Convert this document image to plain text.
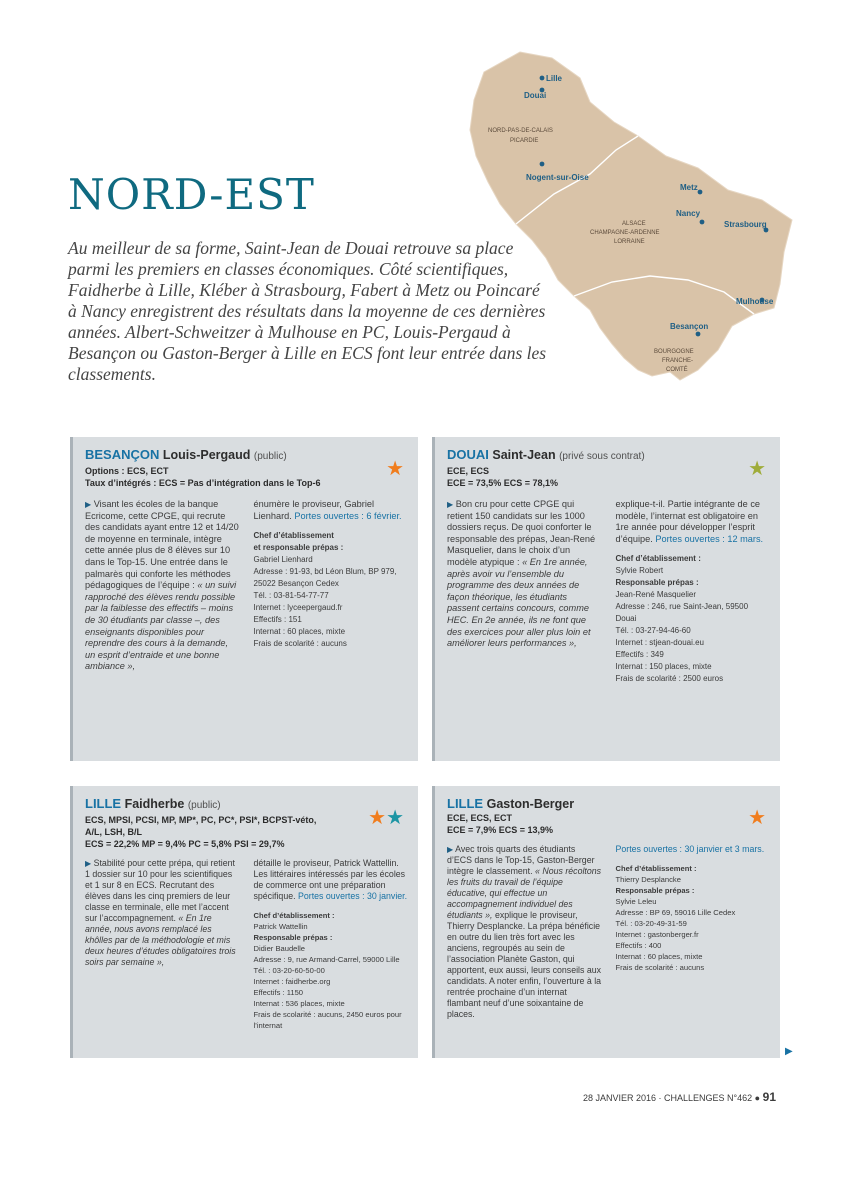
Lille
Douai
NORD-PAS-DE-CALAIS
PICARDIE
Nogent-sur-Oise
Metz
Nancy
Strasbourg
ALSACE
CHAMPAGNE-ARDENNE
LORRAINE
Mulhouse
Besançon
BOURGOGNE
FRANCHE-
COMTÉ
NORD-EST

Au meilleur de sa forme, Saint-Jean de Douai retrouve sa place parmi les premiers en classes économiques. Côté scientifiques, Faidherbe à Lille, Kléber à Strasbourg, Fabert à Metz ou Poincaré à Nancy enregistrent des résultats dans la moyenne de ces dernières années. Albert-Schweitzer à Mulhouse en PC, Louis-Pergaud à Besançon ou Gaston-Berger à Lille en ECS font leur entrée dans les classements.

BESANÇON Louis-Pergaud (public)
Options : ECS, ECT
Taux d’intégrés : ECS = Pas d’intégration dans le Top-6
★

▶ Visant les écoles de la banque Ecricome, cette CPGE, qui recrute des candidats ayant entre 12 et 14/20 de moyenne en terminale, intègre cette année plus de 8 élèves sur 10 dans le Top-15. Une entrée dans le palmarès qui conforte les méthodes pédagogiques de l’équipe : « un suivi rapproché des élèves rendu possible par la faiblesse des effectifs – moins de 30 étudiants par classe –, des enseignants disponibles pour reprendre des cours à la demande, un esprit d’entraide et une bonne ambiance »,

énumère le proviseur, Gabriel Lienhard. Portes ouvertes : 6 février.

Chef d’établissement
et responsable prépas :
Gabriel Lienhard
Adresse : 91-93, bd Léon Blum, BP 979, 25022 Besançon Cedex
Tél. : 03-81-54-77-77
Internet : lyceepergaud.fr
Effectifs : 151
Internat : 60 places, mixte
Frais de scolarité : aucuns
DOUAI Saint-Jean (privé sous contrat)
ECE, ECS
ECE = 73,5% ECS = 78,1%
★

▶ Bon cru pour cette CPGE qui retient 150 candidats sur les 1000 dossiers reçus. De quoi conforter le responsable des prépas, Jean-René Masquelier, dans le choix d’un modèle atypique : « En 1re année, après avoir vu l’ensemble du programme des deux années de façon théorique, les étudiants passent certains concours, comme HEC. En 2e année, ils ne font que des exercices pour aller plus loin et améliorer leurs performances »,

explique-t-il. Partie intégrante de ce modèle, l’internat est obligatoire en 1re année pour développer l’esprit d’équipe. Portes ouvertes : 12 mars.

Chef d’établissement :
Sylvie Robert
Responsable prépas :
Jean-René Masquelier
Adresse : 246, rue Saint-Jean, 59500 Douai
Tél. : 03-27-94-46-60
Internet : stjean-douai.eu
Effectifs : 349
Internat : 150 places, mixte
Frais de scolarité : 2500 euros
LILLE Faidherbe (public)
ECS, MPSI, PCSI, MP, MP*, PC, PC*, PSI*, BCPST-véto, A/L, LSH, B/L
ECS = 22,2% MP = 9,4% PC = 5,8% PSI = 29,7%
★★

▶ Stabilité pour cette prépa, qui retient 1 dossier sur 10 pour les scientifiques et 1 sur 8 en ECS. Recrutant des élèves dans les cinq premiers de leur classe en terminale, elle met l’accent sur l’accompagnement. « En 1re année, nous avons remplacé les khôlles par de la méthodologie et mis deux heures d’études obligatoires trois soirs par semaine »,

détaille le proviseur, Patrick Wattellin. Les littéraires intéressés par les écoles de commerce ont une préparation spécifique. Portes ouvertes : 30 janvier.

Chef d’établissement :
Patrick Wattellin
Responsable prépas :
Didier Baudelle
Adresse : 9, rue Armand-Carrel, 59000 Lille
Tél. : 03-20-60-50-00
Internet : faidherbe.org
Effectifs : 1150
Internat : 536 places, mixte
Frais de scolarité : aucuns, 2450 euros pour l’internat
LILLE Gaston-Berger
ECE, ECS, ECT
ECE = 7,9% ECS = 13,9%
★

▶ Avec trois quarts des étudiants d’ECS dans le Top-15, Gaston-Berger intègre le classement. « Nous récoltons les fruits du travail de l’équipe éducative, qui effectue un accompagnement individuel des étudiants », explique le proviseur, Thierry Desplancke. La prépa bénéficie en outre du lien très fort avec les anciens, regroupés au sein de l’association Planète Gaston, qui apportent, eux aussi, leurs conseils aux candidats. A noter enfin, l’ouverture à la rentrée prochaine d’un internat flambant neuf d’une soixantaine de places.

Portes ouvertes : 30 janvier et 3 mars.

Chef d’établissement :
Thierry Desplancke
Responsable prépas :
Sylvie Leleu
Adresse : BP 69, 59016 Lille Cedex
Tél. : 03-20-49-31-59
Internet : gastonberger.fr
Effectifs : 400
Internat : 60 places, mixte
Frais de scolarité : aucuns
▶
28 JANVIER 2016 · CHALLENGES N°462 ● 91
